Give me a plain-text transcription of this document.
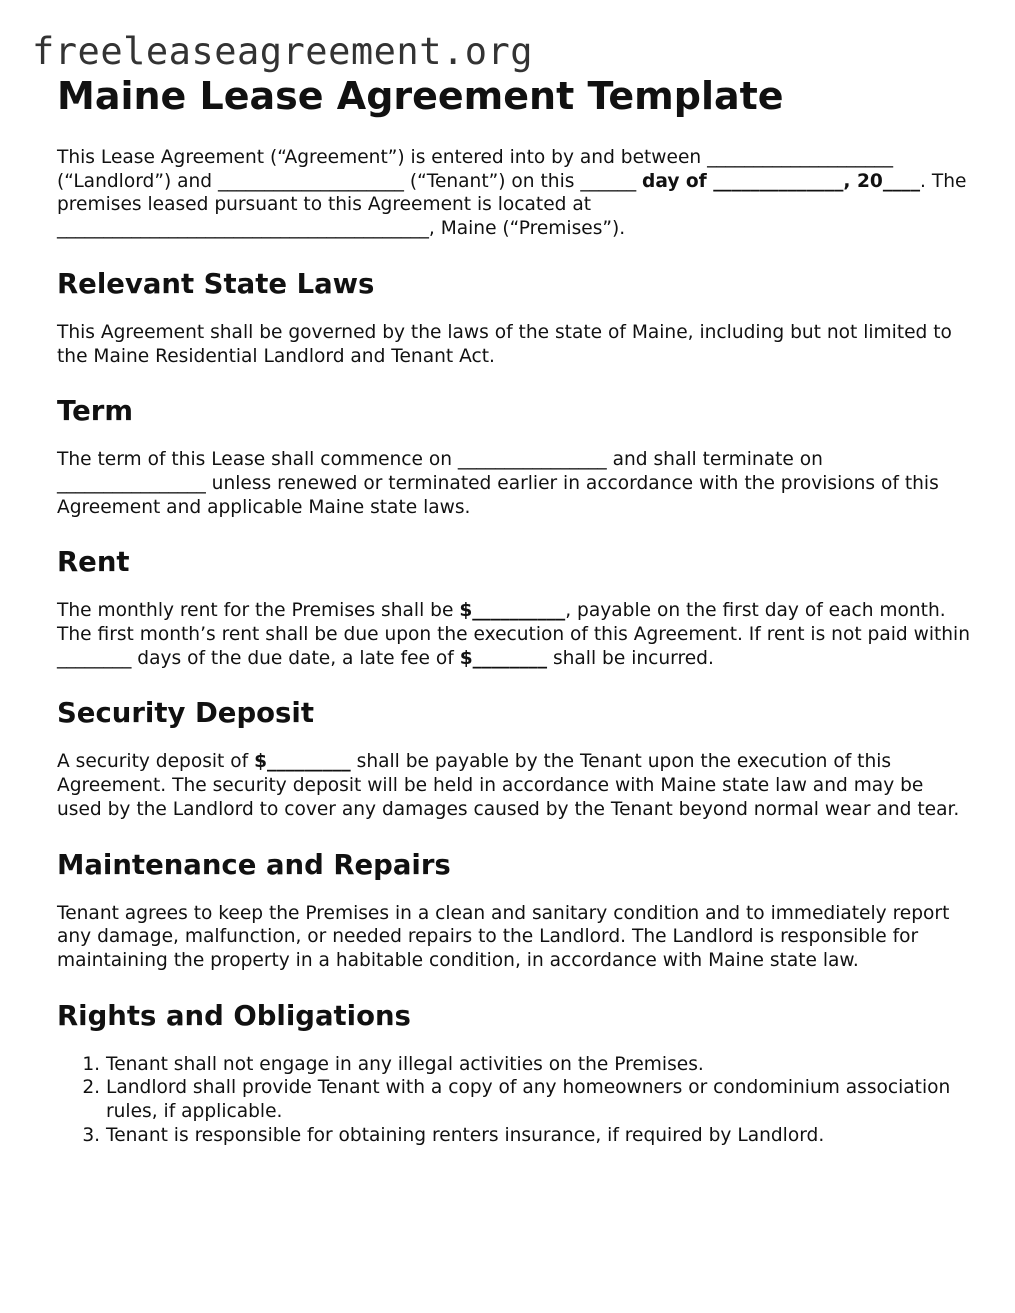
freeleaseagreement.org
Maine Lease Agreement Template

This Lease Agreement (“Agreement”) is entered into by and between ____________________ (“Landlord”) and ____________________ (“Tenant”) on this ______ day of ______________, 20____. The premises leased pursuant to this Agreement is located at ________________________________________, Maine (“Premises”).

Relevant State Laws

This Agreement shall be governed by the laws of the state of Maine, including but not limited to the Maine Residential Landlord and Tenant Act.

Term

The term of this Lease shall commence on ________________ and shall terminate on ________________ unless renewed or terminated earlier in accordance with the provisions of this Agreement and applicable Maine state laws.

Rent

The monthly rent for the Premises shall be $__________, payable on the first day of each month. The first month’s rent shall be due upon the execution of this Agreement. If rent is not paid within ________ days of the due date, a late fee of $________ shall be incurred.

Security Deposit

A security deposit of $_________ shall be payable by the Tenant upon the execution of this Agreement. The security deposit will be held in accordance with Maine state law and may be used by the Landlord to cover any damages caused by the Tenant beyond normal wear and tear.

Maintenance and Repairs

Tenant agrees to keep the Premises in a clean and sanitary condition and to immediately report any damage, malfunction, or needed repairs to the Landlord. The Landlord is responsible for maintaining the property in a habitable condition, in accordance with Maine state law.

Rights and Obligations
1. Tenant shall not engage in any illegal activities on the Premises.
2. Landlord shall provide Tenant with a copy of any homeowners or condominium association rules, if applicable.
3. Tenant is responsible for obtaining renters insurance, if required by Landlord.
